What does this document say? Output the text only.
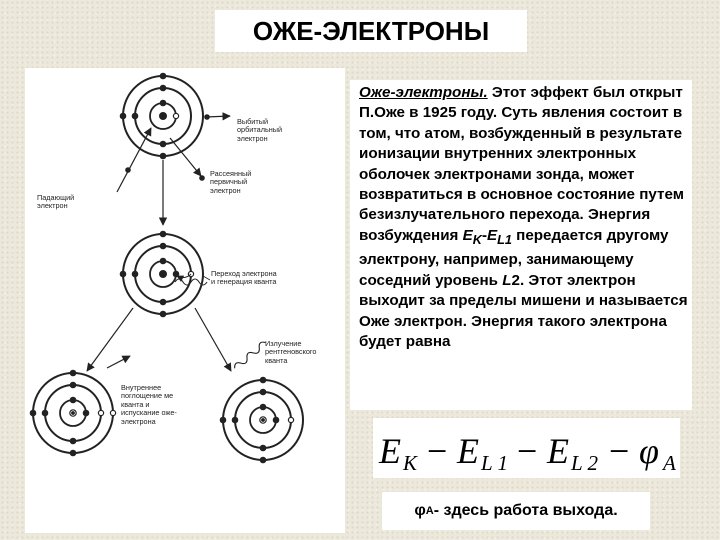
ОЖЕ-ЭЛЕКТРОНЫ
Выбитый
орбитальный
электрон
Рассеянный
первичный
электрон
Падающий
электрон
Переход электрона
и генерация кванта
Излучение
рентгеновского
кванта
Внутреннее
поглощение ме
кванта и
испускание оже-
электрона
Оже-электроны. Этот эффект был открыт П.Оже в 1925 году. Суть явления состоит в том, что атом, возбужденный в результате ионизации внутренних электронных оболочек электронами зонда, может возвратиться в основное состояние путем безизлучательного перехода. Энергия возбуждения $E_K-E_{L1}$ передается другому электрону, например, занимающему соседний уровень L2. Этот электрон выходит за пределы мишени и называется Оже электрон. Энергия такого электрона будет равна
E K − E L 1 − E L 2 − φ A
φ A - здесь работа выхода.
